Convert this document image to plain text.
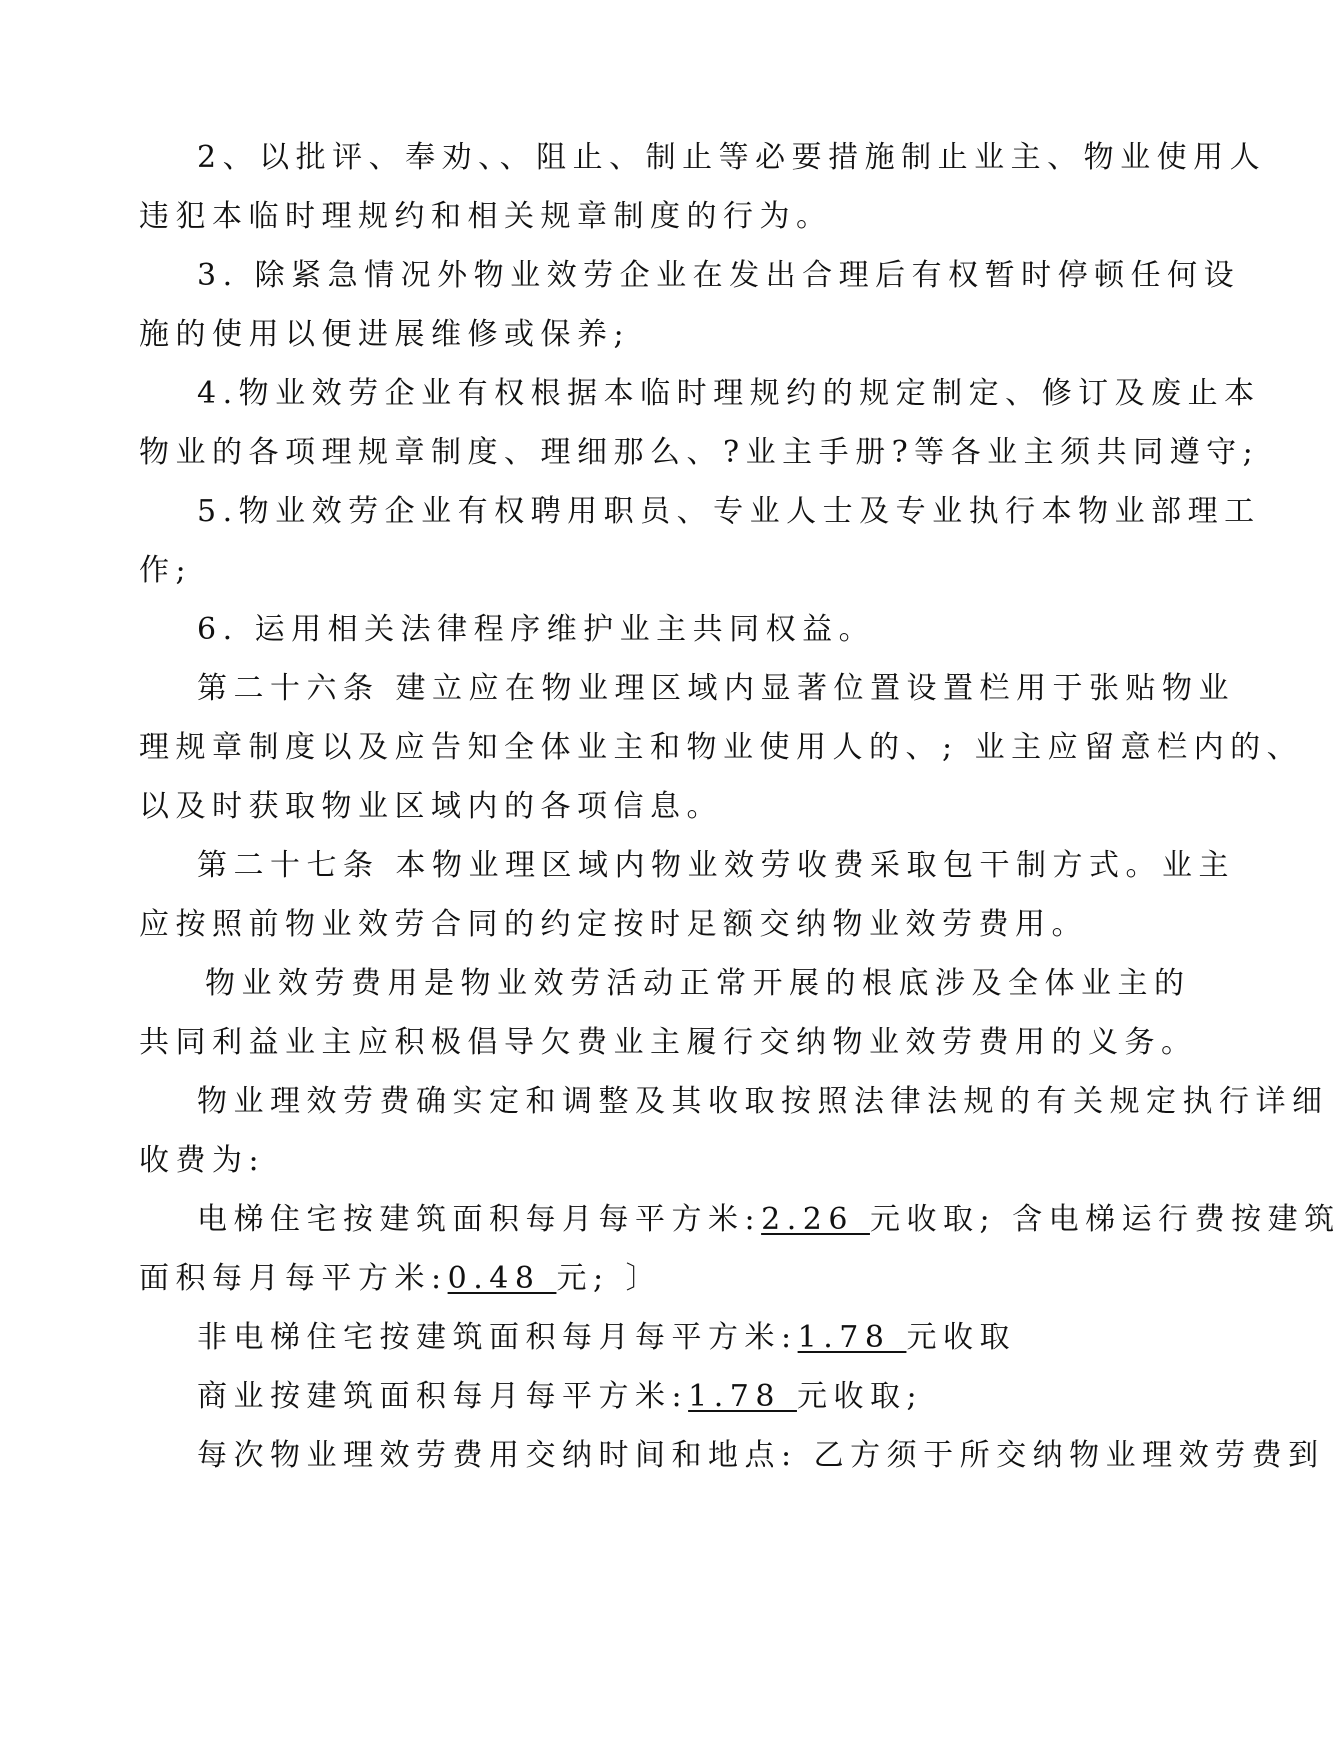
2、以批评、奉劝、、阻止、制止等必要措施制止业主、物业使用人
违犯本临时理规约和相关规章制度的行为。
3. 除紧急情况外物业效劳企业在发出合理后有权暂时停顿任何设
施的使用以便进展维修或保养;
4.物业效劳企业有权根据本临时理规约的规定制定、修订及废止本
物业的各项理规章制度、理细那么、?业主手册?等各业主须共同遵守;
5.物业效劳企业有权聘用职员、专业人士及专业执行本物业部理工
作;
6. 运用相关法律程序维护业主共同权益。
第二十六条 建立应在物业理区域内显著位置设置栏用于张贴物业
理规章制度以及应告知全体业主和物业使用人的、; 业主应留意栏内的、
以及时获取物业区域内的各项信息。
第二十七条 本物业理区域内物业效劳收费采取包干制方式。业主
应按照前物业效劳合同的约定按时足额交纳物业效劳费用。
物业效劳费用是物业效劳活动正常开展的根底涉及全体业主的
共同利益业主应积极倡导欠费业主履行交纳物业效劳费用的义务。
物业理效劳费确实定和调整及其收取按照法律法规的有关规定执行详细
收费为:
电梯住宅按建筑面积每月每平方米:2.26 元收取; 含电梯运行费按建筑
面积每月每平方米:0.48 元; 〕
非电梯住宅按建筑面积每月每平方米:1.78 元收取
商业按建筑面积每月每平方米:1.78 元收取;
每次物业理效劳费用交纳时间和地点: 乙方须于所交纳物业理效劳费到
